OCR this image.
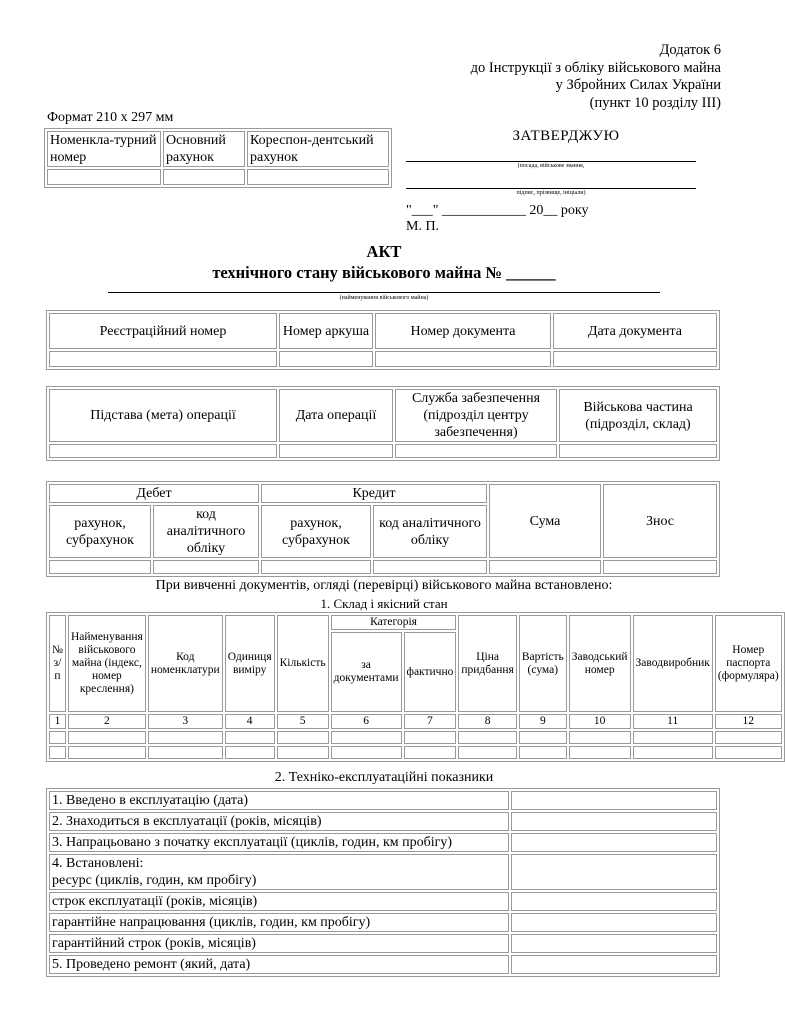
Додаток 6
до Інструкції з обліку військового майна
у Збройних Силах України
(пункт 10 розділу III)
Формат 210 х 297 мм
Номенкла-турний номер	Основний рахунок	Кореспон-дентський рахунок

ЗАТВЕРДЖУЮ
(посада, військове звання,
підпис, прізвище, ініціали)
"___" ____________ 20__ року
М. П.
АКТ
технічного стану військового майна № ______
(найменування військового майна)
Реєстраційний номер	Номер аркуша	Номер документа	Дата документа

Підстава (мета) операції	Дата операції	Служба забезпечення (підрозділ центру забезпечення)	Військова частина (підрозділ, склад)

Дебет		Кредит		Сума	Знос
рахунок, субрахунок	код аналітичного обліку	рахунок, субрахунок	код аналітичного обліку		

При вивченні документів, огляді (перевірці) військового майна встановлено:
1. Склад і якісний стан
№ з/п	Найменування військового майна (індекс, номер креслення)	Код номенклатури	Одиниця виміру	Кількість	Категорія		Ціна придбання	Вартість (сума)	Заводський номер	Заводвиробник	Номер паспорта (формуляра)
					за документами	фактично					
1	2	3	4	5	6	7	8	9	10	11	12

2. Техніко-експлуатаційні показники
1. Введено в експлуатацію (дата)	
2. Знаходиться в експлуатації (років, місяців)	
3. Напрацьовано з початку експлуатації (циклів, годин, км пробігу)	

4. Встановлені:
ресурс (циклів, годин, км пробігу)	

строк експлуатації (років, місяців)	
гарантійне напрацювання (циклів, годин, км пробігу)	
гарантійний строк (років, місяців)	
5. Проведено ремонт (який, дата)	
